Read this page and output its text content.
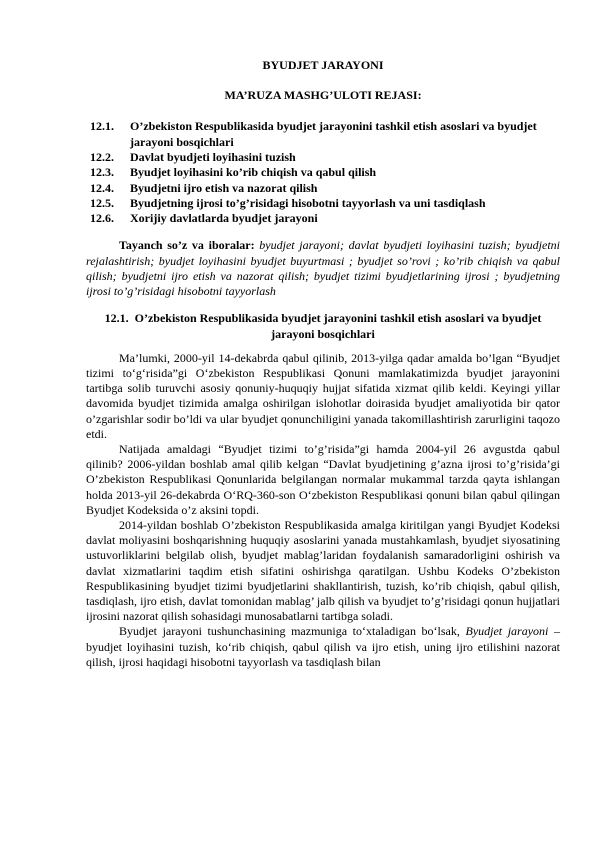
BYUDJET JARAYONI
MA’RUZA MASHG’ULOTI REJASI:
12.1.	O’zbekiston Respublikasida byudjet jarayonini tashkil etish asoslari va byudjet jarayoni bosqichlari
12.2.	Davlat byudjeti loyihasini tuzish
12.3.	Byudjet loyihasini ko’rib chiqish va qabul qilish
12.4.	Byudjetni ijro etish va nazorat qilish
12.5.	Byudjetning ijrosi to’g’risidagi hisobotni tayyorlash va uni tasdiqlash
12.6.	Xorijiy davlatlarda byudjet jarayoni

Tayanch so’z va iboralar: byudjet jarayoni; davlat byudjeti loyihasini tuzish; byudjetni rejalashtirish; byudjet loyihasini byudjet buyurtmasi ; byudjet so’rovi ; ko’rib chiqish va qabul qilish; byudjetni ijro etish va nazorat qilish; byudjet tizimi byudjetlarining ijrosi ; byudjetning ijrosi to’g’risidagi hisobotni tayyorlash

12.1. O’zbekiston Respublikasida byudjet jarayonini tashkil etish asoslari va byudjet jarayoni bosqichlari

Ma’lumki, 2000-yil 14-dekabrda qabul qilinib, 2013-yilga qadar amalda bo’lgan “Byudjet tizimi to‘g‘risida”gi O‘zbekiston Respublikasi Qonuni mamlakatimizda byudjet jarayonini tartibga solib turuvchi asosiy qonuniy-huquqiy hujjat sifatida xizmat qilib keldi. Keyingi yillar davomida byudjet tizimida amalga oshirilgan islohotlar doirasida byudjet amaliyotida bir qator o’zgarishlar sodir bo’ldi va ular byudjet qonunchiligini yanada takomillashtirish zarurligini taqozo etdi.

Natijada amaldagi “Byudjet tizimi to’g’risida”gi hamda 2004-yil 26 avgustda qabul qilinib? 2006-yildan boshlab amal qilib kelgan “Davlat byudjetining g’azna ijrosi to’g’risida’gi O’zbekiston Respublikasi Qonunlarida belgilangan normalar mukammal tarzda qayta ishlangan holda 2013-yil 26-dekabrda O‘RQ-360-son O‘zbekiston Respublikasi qonuni bilan qabul qilingan Byudjet Kodeksida o’z aksini topdi.

2014-yildan boshlab O’zbekiston Respublikasida amalga kiritilgan yangi Byudjet Kodeksi davlat moliyasini boshqarishning huquqiy asoslarini yanada mustahkamlash, byudjet siyosatining ustuvorliklarini belgilab olish, byudjet mablag’laridan foydalanish samaradorligini oshirish va davlat xizmatlarini taqdim etish sifatini oshirishga qaratilgan. Ushbu Kodeks O’zbekiston Respublikasining byudjet tizimi byudjetlarini shakllantirish, tuzish, ko’rib chiqish, qabul qilish, tasdiqlash, ijro etish, davlat tomonidan mablag’ jalb qilish va byudjet to’g’risidagi qonun hujjatlari ijrosini nazorat qilish sohasidagi munosabatlarni tartibga soladi.

Byudjet jarayoni tushunchasining mazmuniga to‘xtaladigan bo‘lsak, Byudjet jarayoni – byudjet loyihasini tuzish, ko‘rib chiqish, qabul qilish va ijro etish, uning ijro etilishini nazorat qilish, ijrosi haqidagi hisobotni tayyorlash va tasdiqlash bilan
